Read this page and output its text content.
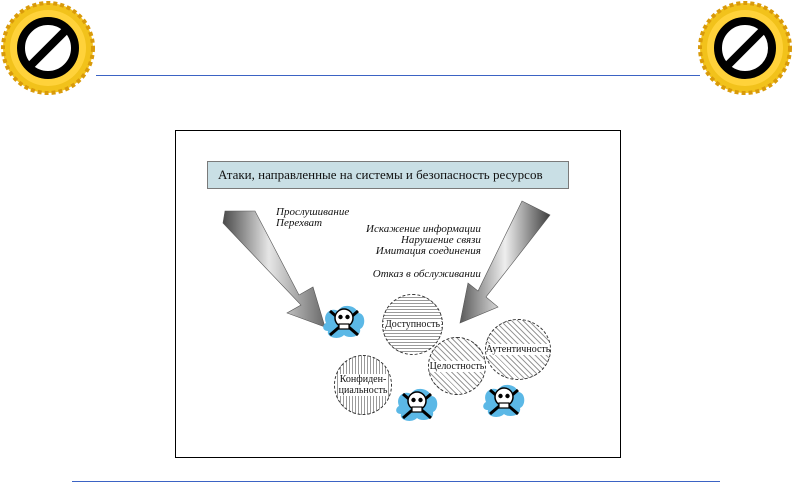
Атаки, направленные на системы и безопасность ресурсов
Прослушивание
Перехват	Искажение информации
Нарушение связи
Имитация соединения
Отказ в обслуживании
Доступность
Аутентичность
Целостность
Конфиден-
циальность
